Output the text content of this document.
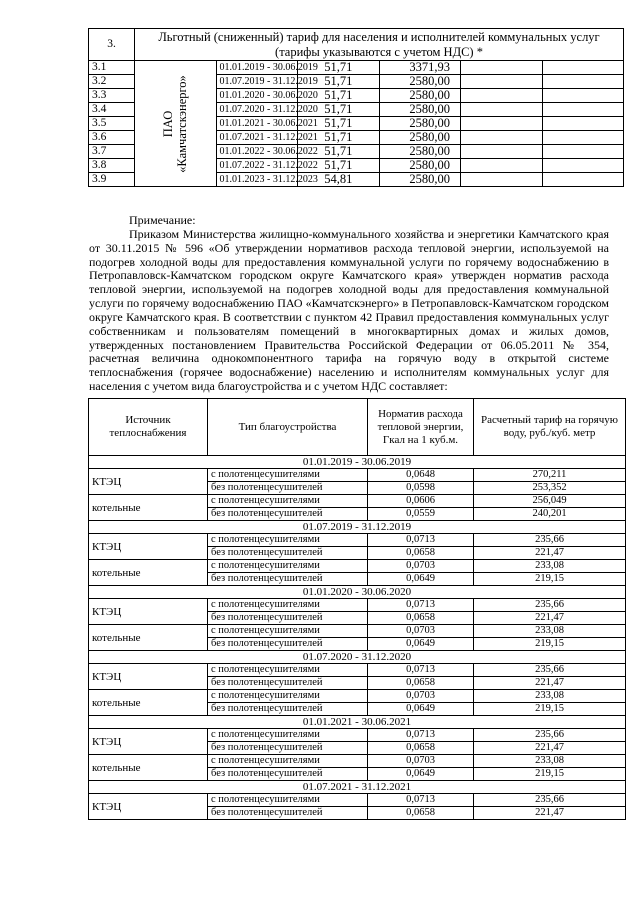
3.	Льготный (сниженный) тариф для населения и исполнителей коммунальных услуг (тарифы указываются с учетом НДС) *					
3.1	ПАО «Камчатскэнерго»	01.01.2019 - 30.06.2019	51,71	3371,93		
3.2		01.07.2019 - 31.12.2019	51,71	2580,00		
3.3		01.01.2020 - 30.06.2020	51,71	2580,00		
3.4		01.07.2020 - 31.12.2020	51,71	2580,00		
3.5		01.01.2021 - 30.06.2021	51,71	2580,00		
3.6		01.07.2021 - 31.12.2021	51,71	2580,00		
3.7		01.01.2022 - 30.06.2022	51,71	2580,00		
3.8		01.07.2022 - 31.12.2022	51,71	2580,00		
3.9		01.01.2023 - 31.12.2023	54,81	2580,00		
Примечание:
Приказом Министерства жилищно-коммунального хозяйства и энергетики Камчатского края от 30.11.2015 № 596 «Об утверждении нормативов расхода тепловой энергии, используемой на подогрев холодной воды для предоставления коммунальной услуги по горячему водоснабжению в Петропавловск-Камчатском городском округе Камчатского края» утвержден норматив расхода тепловой энергии, используемой на подогрев холодной воды для предоставления коммунальной услуги по горячему водоснабжению ПАО «Камчатскэнерго» в Петропавловск-Камчатском городском округе Камчатского края. В соответствии с пунктом 42 Правил предоставления коммунальных услуг собственникам и пользователям помещений в многоквартирных домах и жилых домов, утвержденных постановлением Правительства Российской Федерации от 06.05.2011 № 354, расчетная величина однокомпонентного тарифа на горячую воду в открытой системе теплоснабжения (горячее водоснабжение) населению и исполнителям коммунальных услуг для населения с учетом вида благоустройства и с учетом НДС составляет:
Источник теплоснабжения	Тип благоустройства	Норматив расхода тепловой энергии, Гкал на 1 куб.м.	Расчетный тариф на горячую воду, руб./куб. метр
01.01.2019 - 30.06.2019			
КТЭЦ	с полотенцесушителями	0,0648	270,211
	без полотенцесушителей	0,0598	253,352
котельные	с полотенцесушителями	0,0606	256,049
	без полотенцесушителей	0,0559	240,201
01.07.2019 - 31.12.2019			
КТЭЦ	с полотенцесушителями	0,0713	235,66
	без полотенцесушителей	0,0658	221,47
котельные	с полотенцесушителями	0,0703	233,08
	без полотенцесушителей	0,0649	219,15
01.01.2020 - 30.06.2020			
КТЭЦ	с полотенцесушителями	0,0713	235,66
	без полотенцесушителей	0,0658	221,47
котельные	с полотенцесушителями	0,0703	233,08
	без полотенцесушителей	0,0649	219,15
01.07.2020 - 31.12.2020			
КТЭЦ	с полотенцесушителями	0,0713	235,66
	без полотенцесушителей	0,0658	221,47
котельные	с полотенцесушителями	0,0703	233,08
	без полотенцесушителей	0,0649	219,15
01.01.2021 - 30.06.2021			
КТЭЦ	с полотенцесушителями	0,0713	235,66
	без полотенцесушителей	0,0658	221,47
котельные	с полотенцесушителями	0,0703	233,08
	без полотенцесушителей	0,0649	219,15
01.07.2021 - 31.12.2021			
КТЭЦ	с полотенцесушителями	0,0713	235,66
	без полотенцесушителей	0,0658	221,47
